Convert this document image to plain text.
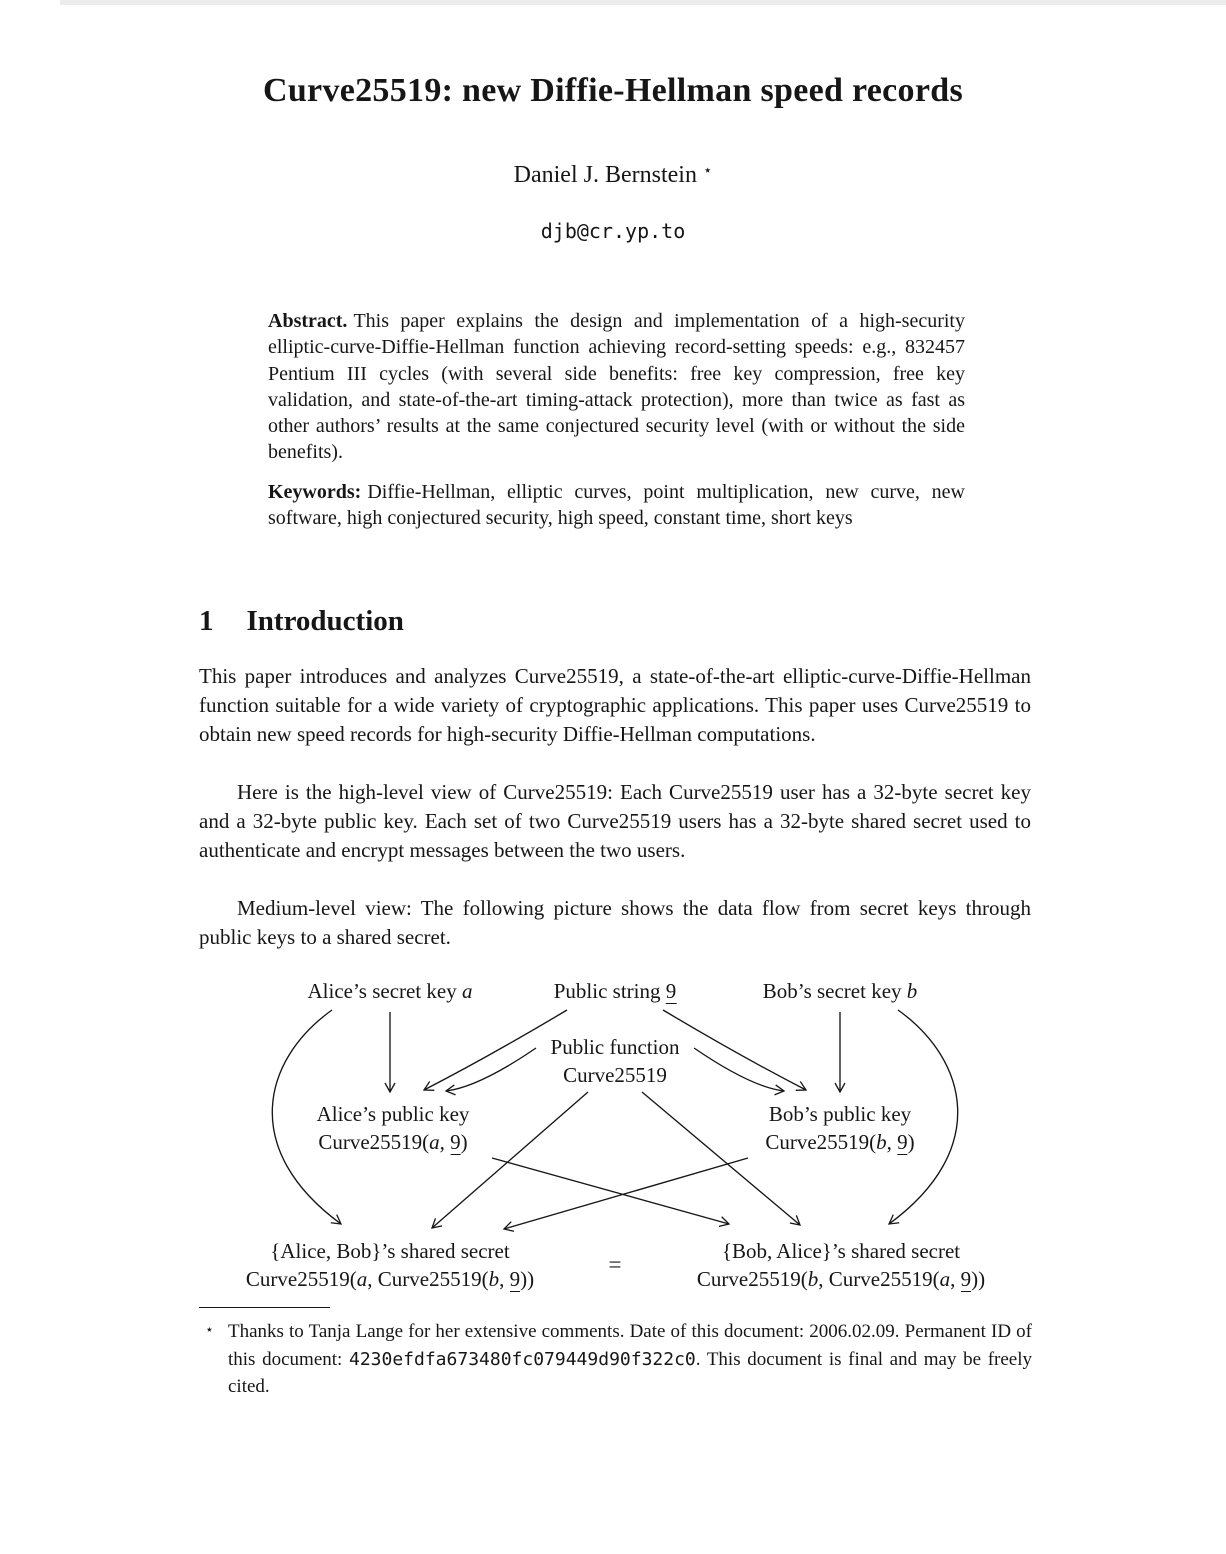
Curve25519: new Diffie-Hellman speed records
Daniel J. Bernstein ⋆
djb@cr.yp.to
Abstract. This paper explains the design and implementation of a high-security elliptic-curve-Diffie-Hellman function achieving record-setting speeds: e.g., 832457 Pentium III cycles (with several side benefits: free key compression, free key validation, and state-of-the-art timing-attack protection), more than twice as fast as other authors’ results at the same conjectured security level (with or without the side benefits).
Keywords: Diffie-Hellman, elliptic curves, point multiplication, new curve, new software, high conjectured security, high speed, constant time, short keys
1 Introduction
This paper introduces and analyzes Curve25519, a state-of-the-art elliptic-curve-Diffie-Hellman function suitable for a wide variety of cryptographic applications. This paper uses Curve25519 to obtain new speed records for high-security Diffie-Hellman computations.
Here is the high-level view of Curve25519: Each Curve25519 user has a 32-byte secret key and a 32-byte public key. Each set of two Curve25519 users has a 32-byte shared secret used to authenticate and encrypt messages between the two users.
Medium-level view: The following picture shows the data flow from secret keys through public keys to a shared secret.
Alice’s secret key a	Public string 9	Bob’s secret key b
Public function
Curve25519
Alice’s public key
Curve25519(a, 9)
Bob’s public key
Curve25519(b, 9)
{Alice, Bob}’s shared secret
Curve25519(a, Curve25519(b, 9))
=
{Bob, Alice}’s shared secret
Curve25519(b, Curve25519(a, 9))
⋆ Thanks to Tanja Lange for her extensive comments. Date of this document: 2006.02.09. Permanent ID of this document: 4230efdfa673480fc079449d90f322c0. This document is final and may be freely cited.
